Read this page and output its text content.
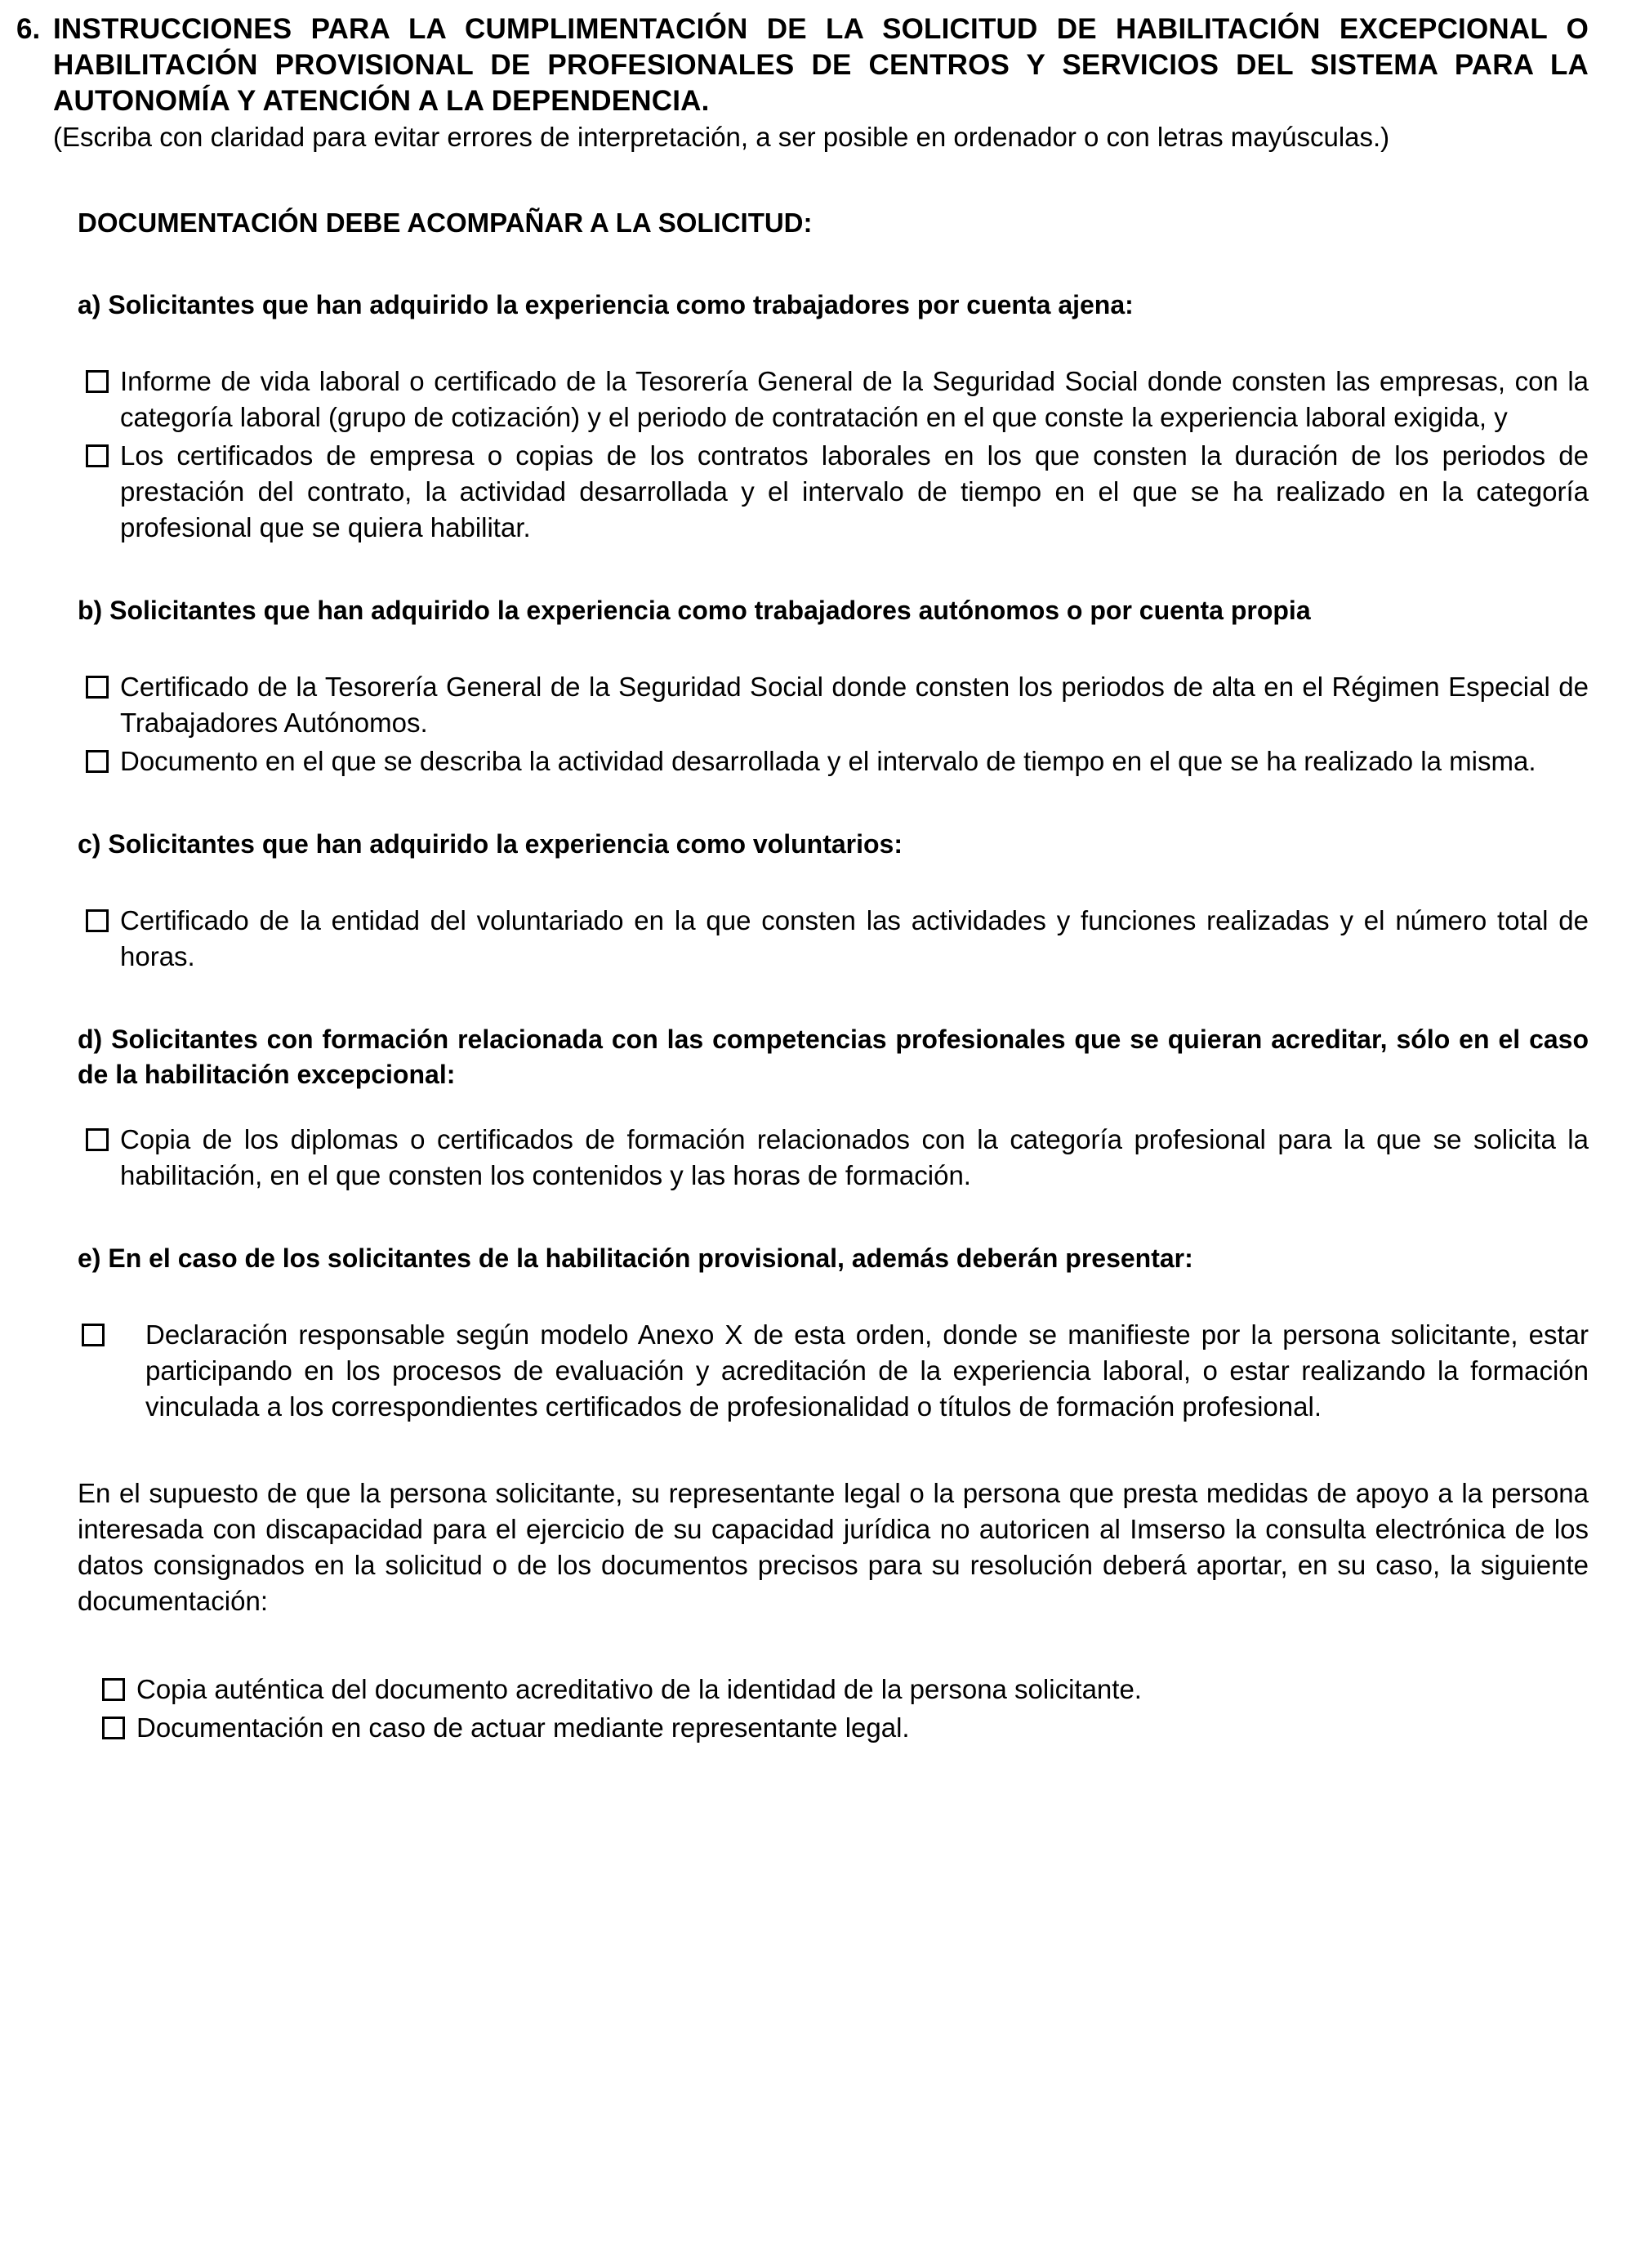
6. INSTRUCCIONES PARA LA CUMPLIMENTACIÓN DE LA SOLICITUD DE HABILITACIÓN EXCEPCIONAL O HABILITACIÓN PROVISIONAL DE PROFESIONALES DE CENTROS Y SERVICIOS DEL SISTEMA PARA LA AUTONOMÍA Y ATENCIÓN A LA DEPENDENCIA.

(Escriba con claridad para evitar errores de interpretación, a ser posible en ordenador o con letras mayúsculas.)

DOCUMENTACIÓN DEBE ACOMPAÑAR A LA SOLICITUD:
a) Solicitantes que han adquirido la experiencia como trabajadores por cuenta ajena:

Informe de vida laboral o certificado de la Tesorería General de la Seguridad Social donde consten las empresas, con la categoría laboral (grupo de cotización) y el periodo de contratación en el que conste la experiencia laboral exigida, y

Los certificados de empresa o copias de los contratos laborales en los que consten la duración de los periodos de prestación del contrato, la actividad desarrollada y el intervalo de tiempo en el que se ha realizado en la categoría profesional que se quiera habilitar.

b) Solicitantes que han adquirido la experiencia como trabajadores autónomos o por cuenta propia

Certificado de la Tesorería General de la Seguridad Social donde consten los periodos de alta en el Régimen Especial de Trabajadores Autónomos.

Documento en el que se describa la actividad desarrollada y el intervalo de tiempo en el que se ha realizado la misma.

c) Solicitantes que han adquirido la experiencia como voluntarios:

Certificado de la entidad del voluntariado en la que consten las actividades y funciones realizadas y el número total de horas.

d) Solicitantes con formación relacionada con las competencias profesionales que se quieran acreditar, sólo en el caso de la habilitación excepcional:

Copia de los diplomas o certificados de formación relacionados con la categoría profesional para la que se solicita la habilitación, en el que consten los contenidos y las horas de formación.

e) En el caso de los solicitantes de la habilitación provisional, además deberán presentar:

Declaración responsable según modelo Anexo X de esta orden, donde se manifieste por la persona solicitante, estar participando en los procesos de evaluación y acreditación de la experiencia laboral, o estar realizando la formación vinculada a los correspondientes certificados de profesionalidad o títulos de formación profesional.

En el supuesto de que la persona solicitante, su representante legal o la persona que presta medidas de apoyo a la persona interesada con discapacidad para el ejercicio de su capacidad jurídica no autoricen al Imserso la consulta electrónica de los datos consignados en la solicitud o de los documentos precisos para su resolución deberá aportar, en su caso, la siguiente documentación:

Copia auténtica del documento acreditativo de la identidad de la persona solicitante.

Documentación en caso de actuar mediante representante legal.
